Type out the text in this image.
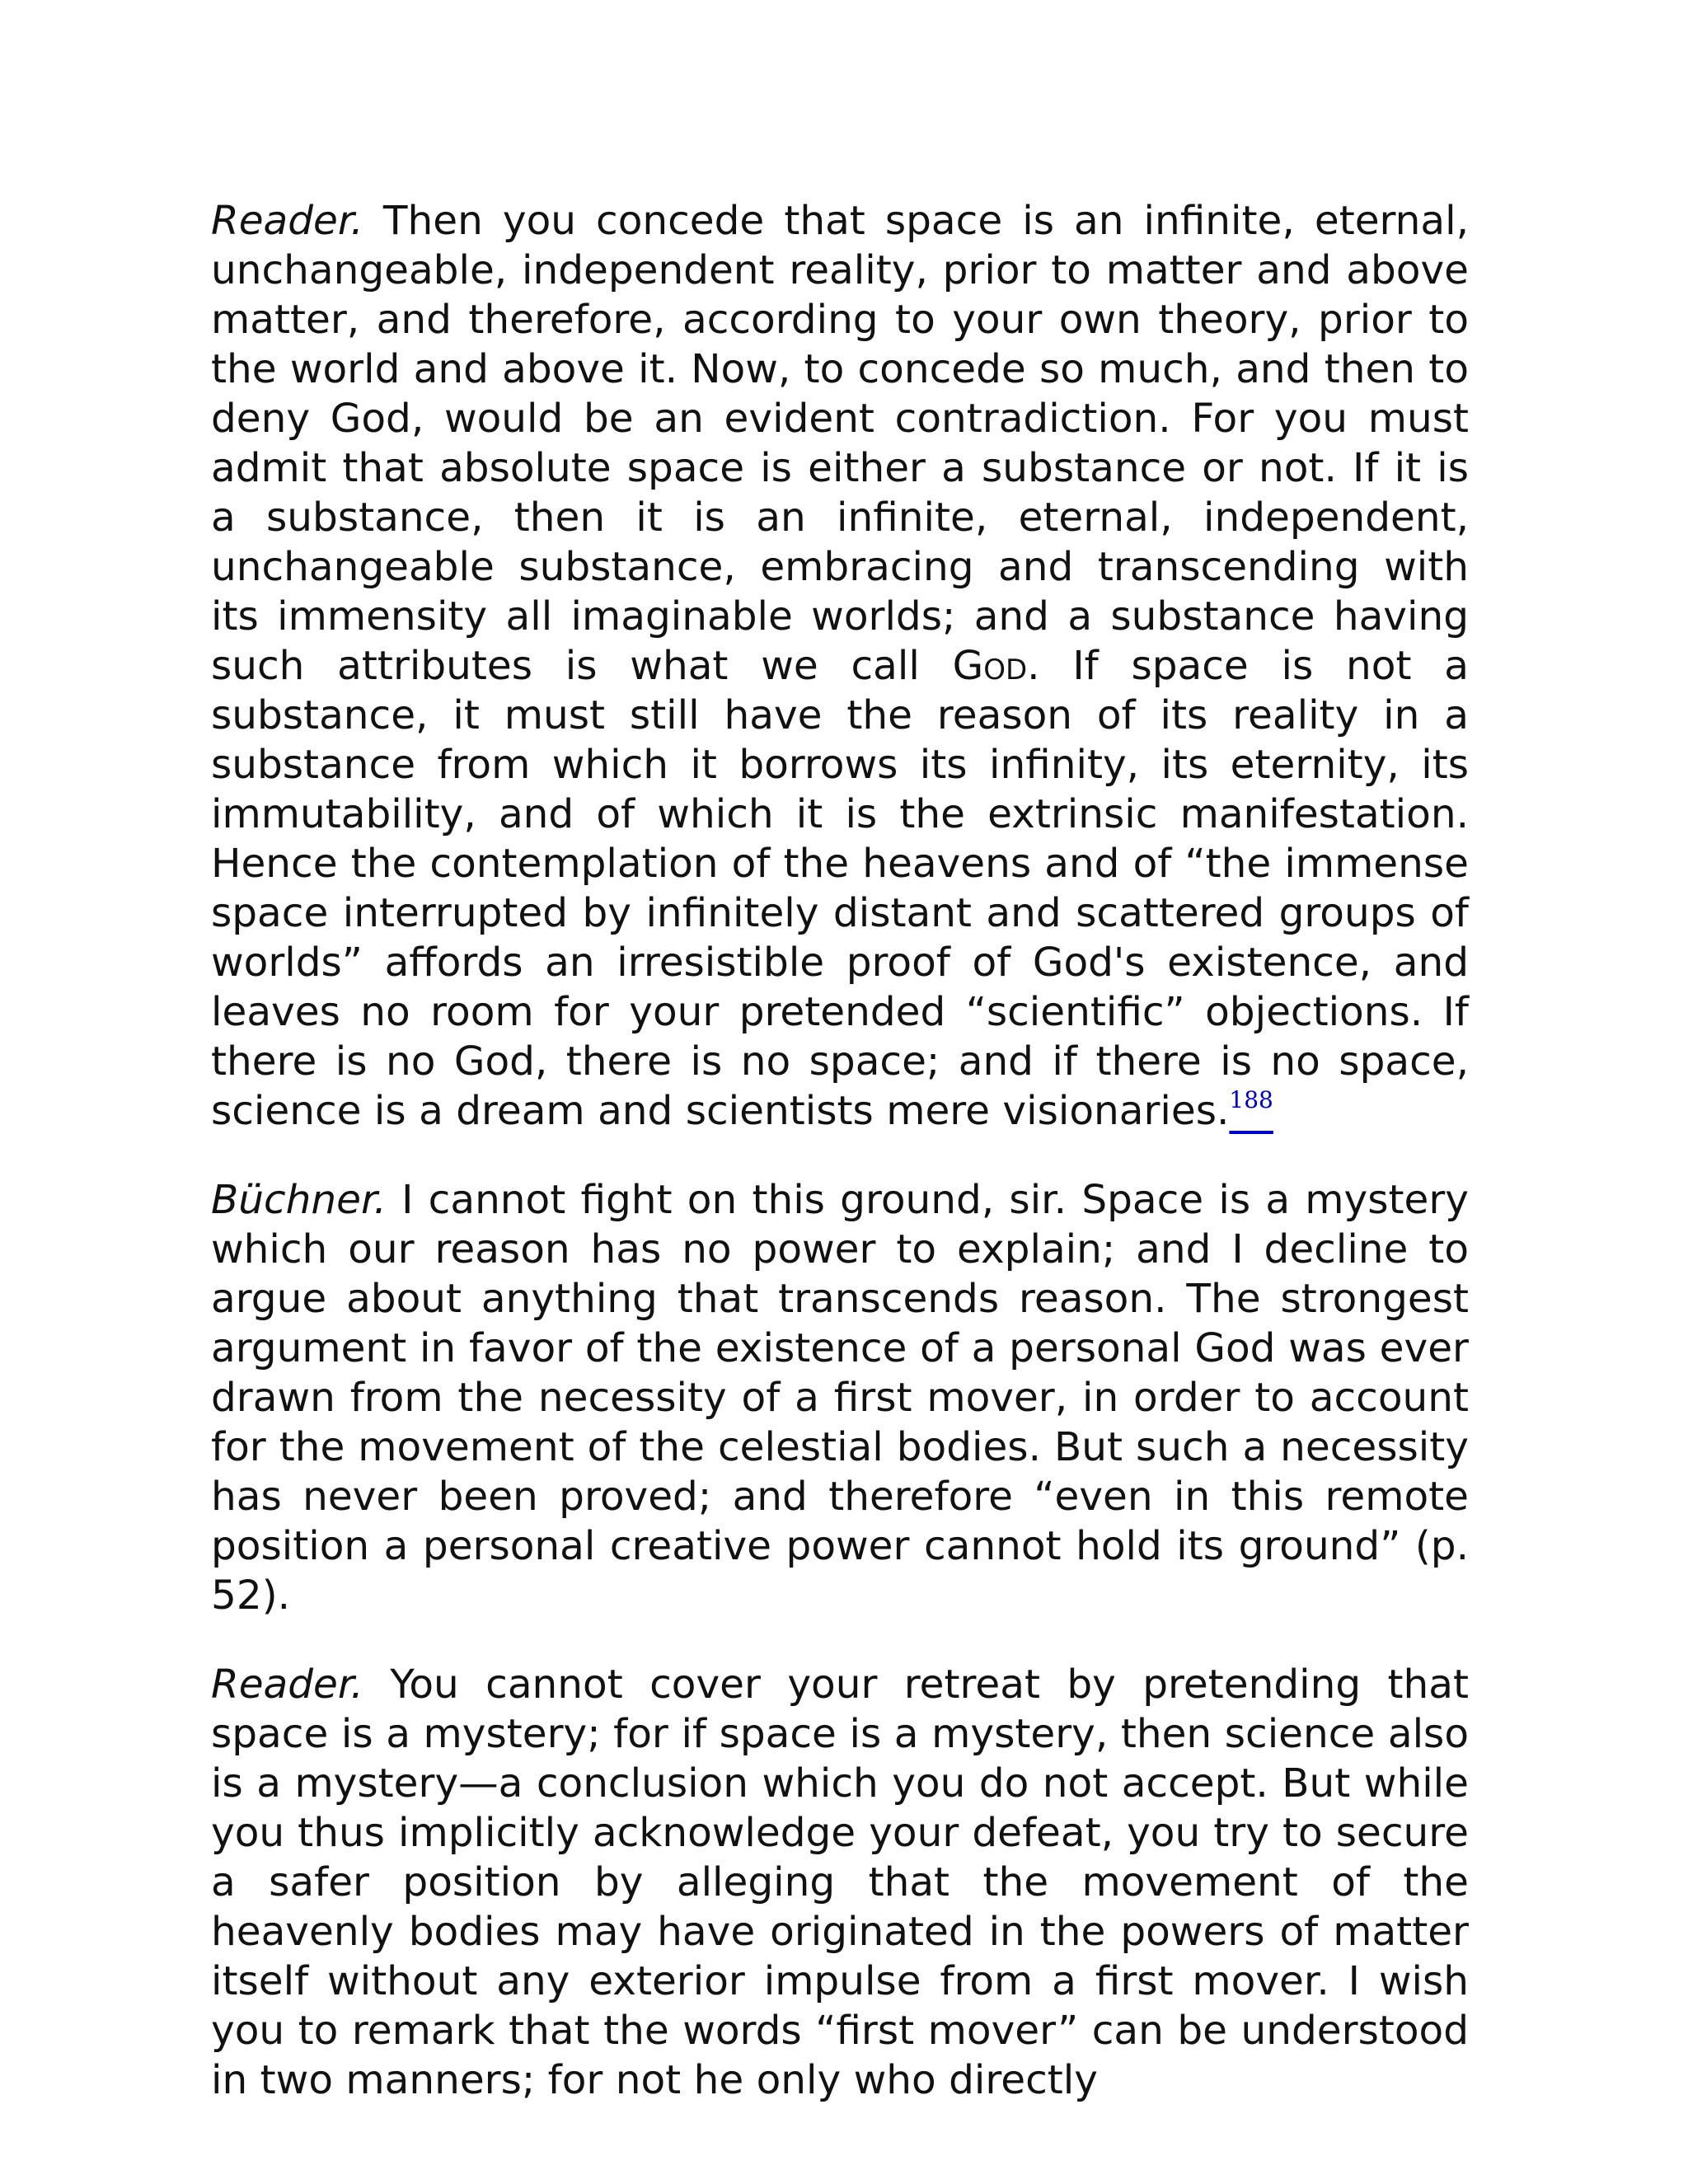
Reader. Then you concede that space is an infinite, eternal, unchangeable, independent reality, prior to matter and above matter, and therefore, according to your own theory, prior to the world and above it. Now, to concede so much, and then to deny God, would be an evident contradiction. For you must admit that absolute space is either a substance or not. If it is a substance, then it is an infinite, eternal, independent, unchangeable substance, embracing and transcending with its immensity all imaginable worlds; and a substance having such attributes is what we call God. If space is not a substance, it must still have the reason of its reality in a substance from which it borrows its infinity, its eternity, its immutability, and of which it is the extrinsic manifestation. Hence the contemplation of the heavens and of “the immense space interrupted by infinitely distant and scattered groups of worlds” affords an irresistible proof of God's existence, and leaves no room for your pretended “scientific” objections. If there is no God, there is no space; and if there is no space, science is a dream and scientists mere visionaries.$^{188}$

Büchner. I cannot fight on this ground, sir. Space is a mystery which our reason has no power to explain; and I decline to argue about anything that transcends reason. The strongest argument in favor of the existence of a personal God was ever drawn from the necessity of a first mover, in order to account for the movement of the celestial bodies. But such a necessity has never been proved; and therefore “even in this remote position a personal creative power cannot hold its ground” (p. 52).

Reader. You cannot cover your retreat by pretending that space is a mystery; for if space is a mystery, then science also is a mystery—a conclusion which you do not accept. But while you thus implicitly acknowledge your defeat, you try to secure a safer position by alleging that the movement of the heavenly bodies may have originated in the powers of matter itself without any exterior impulse from a first mover. I wish you to remark that the words “first mover” can be understood in two manners; for not he only who directly
